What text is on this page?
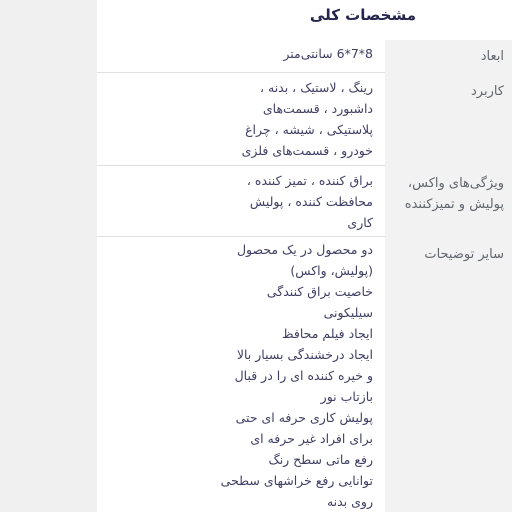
مشخصات کلی
ابعاد
8*7*6 سانتی‌متر
کاربرد
رینگ ، لاستیک ، بدنه ،
داشبورد ، قسمت‌های
پلاستیکی ، شیشه ، چراغ
خودرو ، قسمت‌های فلزی
ویژگی‌های واکس،
پولیش و تمیزکننده
براق کننده ، تمیز کننده ،
محافظت کننده ، پولیش
کاری
سایر توضیحات
دو محصول در یک محصول
(پولیش، واکس)
خاصیت براق کنندگی
سیلیکونی
ایجاد فیلم محافظ
ایجاد درخشندگی بسیار بالا
و خیره کننده ای را در قبال
بازتاب نور
پولیش کاری حرفه ای حتی
برای افراد غیر حرفه ای
رفع ماتی سطح رنگ
توانایی رفع خراشهای سطحی
روی بدنه
